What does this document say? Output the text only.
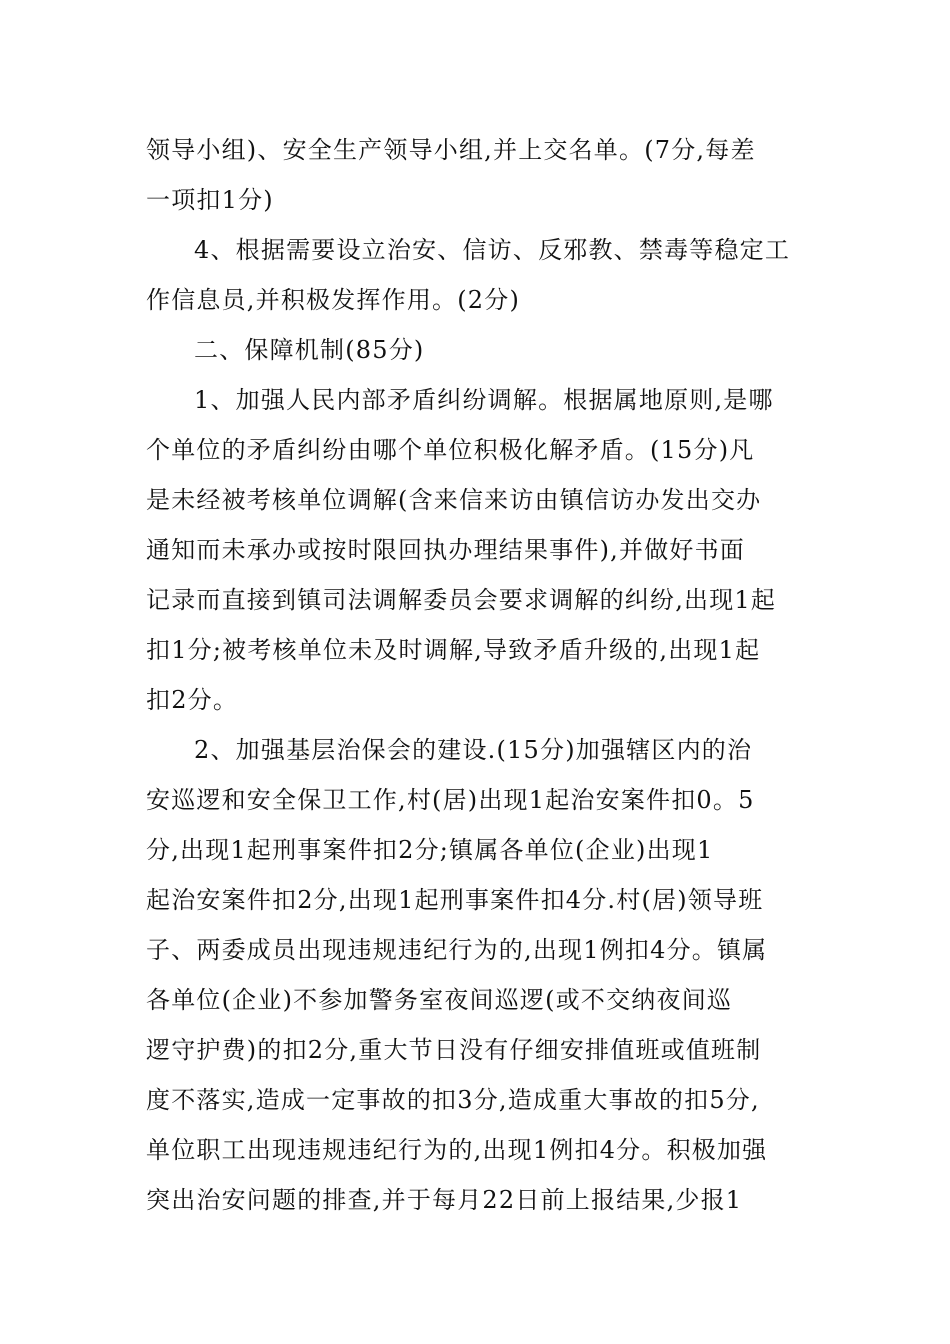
领导小组)、安全生产领导小组,并上交名单。(7分,每差
一项扣1分)
4、根据需要设立治安、信访、反邪教、禁毒等稳定工
作信息员,并积极发挥作用。(2分)
二、保障机制(85分)
1、加强人民内部矛盾纠纷调解。根据属地原则,是哪
个单位的矛盾纠纷由哪个单位积极化解矛盾。(15分)凡
是未经被考核单位调解(含来信来访由镇信访办发出交办
通知而未承办或按时限回执办理结果事件),并做好书面
记录而直接到镇司法调解委员会要求调解的纠纷,出现1起
扣1分;被考核单位未及时调解,导致矛盾升级的,出现1起
扣2分。
2、加强基层治保会的建设.(15分)加强辖区内的治
安巡逻和安全保卫工作,村(居)出现1起治安案件扣0。5
分,出现1起刑事案件扣2分;镇属各单位(企业)出现1
起治安案件扣2分,出现1起刑事案件扣4分.村(居)领导班
子、两委成员出现违规违纪行为的,出现1例扣4分。镇属
各单位(企业)不参加警务室夜间巡逻(或不交纳夜间巡
逻守护费)的扣2分,重大节日没有仔细安排值班或值班制
度不落实,造成一定事故的扣3分,造成重大事故的扣5分,
单位职工出现违规违纪行为的,出现1例扣4分。积极加强
突出治安问题的排查,并于每月22日前上报结果,少报1
